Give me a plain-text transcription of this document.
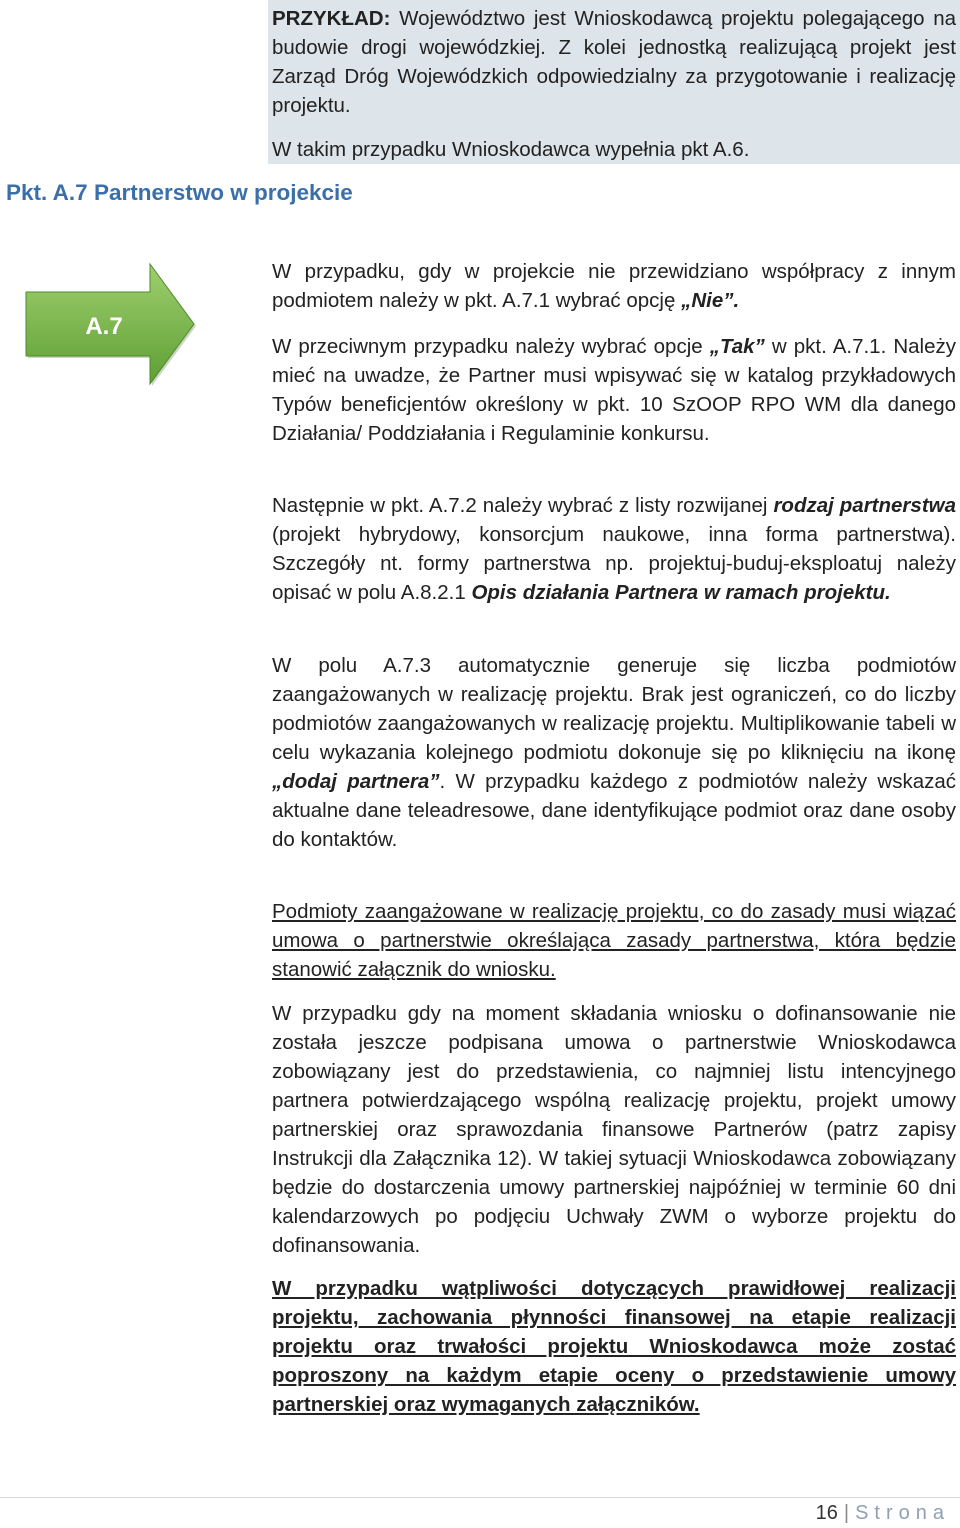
PRZYKŁAD: Województwo jest Wnioskodawcą projektu polegającego na budowie drogi wojewódzkiej. Z kolei jednostką realizującą projekt jest Zarząd Dróg Wojewódzkich odpowiedzialny za przygotowanie i realizację projektu.

W takim przypadku Wnioskodawca wypełnia pkt A.6.

Pkt. A.7 Partnerstwo w projekcie
A.7

W przypadku, gdy w projekcie nie przewidziano współpracy z innym podmiotem należy w pkt. A.7.1 wybrać opcję „Nie”.

W przeciwnym przypadku należy wybrać opcje „Tak” w pkt. A.7.1. Należy mieć na uwadze, że Partner musi wpisywać się w katalog przykładowych Typów beneficjentów określony w pkt. 10 SzOOP RPO WM dla danego Działania/ Poddziałania i Regulaminie konkursu.

Następnie w pkt. A.7.2 należy wybrać z listy rozwijanej rodzaj partnerstwa (projekt hybrydowy, konsorcjum naukowe, inna forma partnerstwa). Szczegóły nt. formy partnerstwa np. projektuj-buduj-eksploatuj należy opisać w polu A.8.2.1 Opis działania Partnera w ramach projektu.

W polu A.7.3 automatycznie generuje się liczba podmiotów zaangażowanych w realizację projektu. Brak jest ograniczeń, co do liczby podmiotów zaangażowanych w realizację projektu. Multiplikowanie tabeli w celu wykazania kolejnego podmiotu dokonuje się po kliknięciu na ikonę „dodaj partnera”. W przypadku każdego z podmiotów należy wskazać aktualne dane teleadresowe, dane identyfikujące podmiot oraz dane osoby do kontaktów.

Podmioty zaangażowane w realizację projektu, co do zasady musi wiązać umowa o partnerstwie określająca zasady partnerstwa, która będzie stanowić załącznik do wniosku.

W przypadku gdy na moment składania wniosku o dofinansowanie nie została jeszcze podpisana umowa o partnerstwie Wnioskodawca zobowiązany jest do przedstawienia, co najmniej listu intencyjnego partnera potwierdzającego wspólną realizację projektu, projekt umowy partnerskiej oraz sprawozdania finansowe Partnerów (patrz zapisy Instrukcji dla Załącznika 12). W takiej sytuacji Wnioskodawca zobowiązany będzie do dostarczenia umowy partnerskiej najpóźniej w terminie 60 dni kalendarzowych po podjęciu Uchwały ZWM o wyborze projektu do dofinansowania.

W przypadku wątpliwości dotyczących prawidłowej realizacji projektu, zachowania płynności finansowej na etapie realizacji projektu oraz trwałości projektu Wnioskodawca może zostać poproszony na każdym etapie oceny o przedstawienie umowy partnerskiej oraz wymaganych załączników.

16 | Strona
